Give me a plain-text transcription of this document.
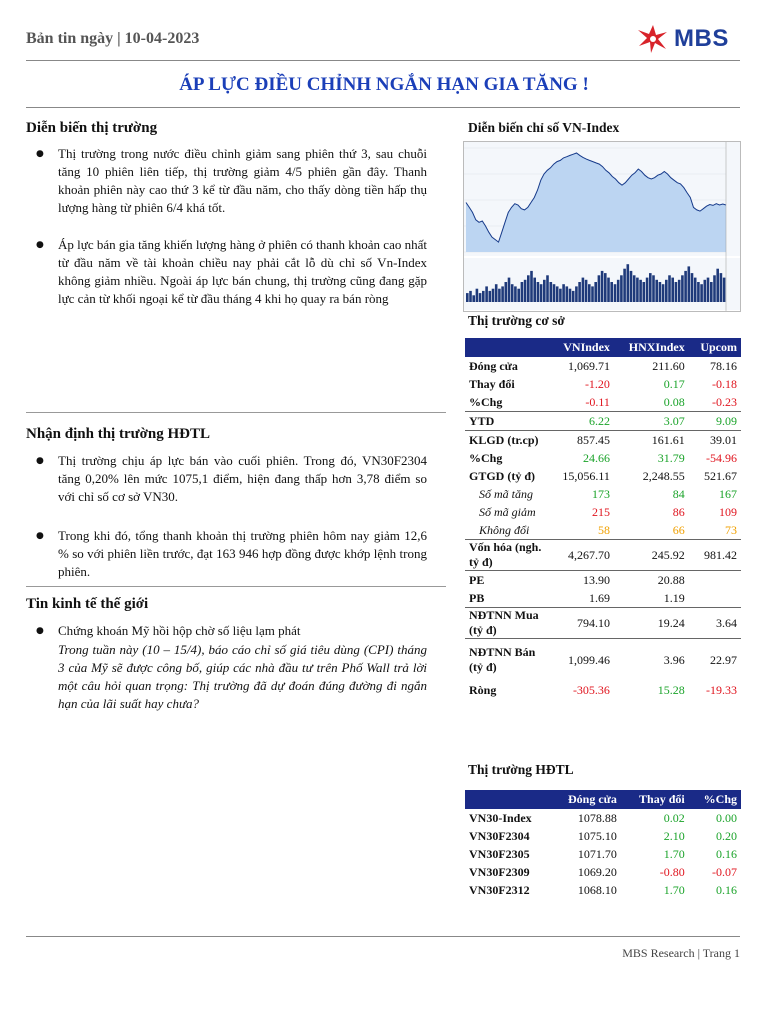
Bản tin ngày | 10-04-2023	MBS
ÁP LỰC ĐIỀU CHỈNH NGẮN HẠN GIA TĂNG !
Diễn biến thị trường
● Thị trường trong nước điều chỉnh giảm sang phiên thứ 3, sau chuỗi tăng 10 phiên liên tiếp, thị trường giảm 4/5 phiên gần đây. Thanh khoản phiên này cao thứ 3 kể từ đầu năm, cho thấy dòng tiền hấp thụ lượng hàng từ phiên 6/4 khá tốt.
● Áp lực bán gia tăng khiến lượng hàng ở phiên có thanh khoản cao nhất từ đầu năm về tài khoản chiều nay phải cắt lỗ dù chỉ số Vn-Index không giảm nhiều. Ngoài áp lực bán chung, thị trường cũng đang gặp lực cản từ khối ngoại kể từ đầu tháng 4 khi họ quay ra bán ròng
Nhận định thị trường HĐTL
● Thị trường chịu áp lực bán vào cuối phiên. Trong đó, VN30F2304 tăng 0,20% lên mức 1075,1 điểm, hiện đang thấp hơn 3,78 điểm so với chỉ số cơ sở VN30.
● Trong khi đó, tổng thanh khoản thị trường phiên hôm nay giảm 12,6 % so với phiên liền trước, đạt 163 946 hợp đồng được khớp lệnh trong phiên.
Tin kinh tế thế giới
● Chứng khoán Mỹ hồi hộp chờ số liệu lạm phát
Trong tuần này (10 – 15/4), báo cáo chỉ số giá tiêu dùng (CPI) tháng 3 của Mỹ sẽ được công bố, giúp các nhà đầu tư trên Phố Wall trả lời một câu hỏi quan trọng: Thị trường đã dự đoán đúng đường đi ngắn hạn của lãi suất hay chưa?
Diễn biến chỉ số VN-Index
Thị trường cơ sở
	VNIndex	HNXIndex	Upcom
Đóng cửa	1,069.71	211.60	78.16
Thay đổi	-1.20	0.17	-0.18
%Chg	-0.11	0.08	-0.23
YTD	6.22	3.07	9.09
KLGD (tr.cp)	857.45	161.61	39.01
%Chg	24.66	31.79	-54.96
GTGD (tỷ đ)	15,056.11	2,248.55	521.67
Số mã tăng	173	84	167
Số mã giảm	215	86	109
Không đổi	58	66	73
Vốn hóa (ngh. tỷ đ)	4,267.70	245.92	981.42
PE	13.90	20.88	
PB	1.69	1.19	
NĐTNN Mua (tỷ đ)	794.10	19.24	3.64
NĐTNN Bán (tỷ đ)	1,099.46	3.96	22.97
Ròng	-305.36	15.28	-19.33
Thị trường HĐTL
	Đóng cửa	Thay đổi	%Chg
VN30-Index	1078.88	0.02	0.00
VN30F2304	1075.10	2.10	0.20
VN30F2305	1071.70	1.70	0.16
VN30F2309	1069.20	-0.80	-0.07
VN30F2312	1068.10	1.70	0.16
MBS Research | Trang 1
